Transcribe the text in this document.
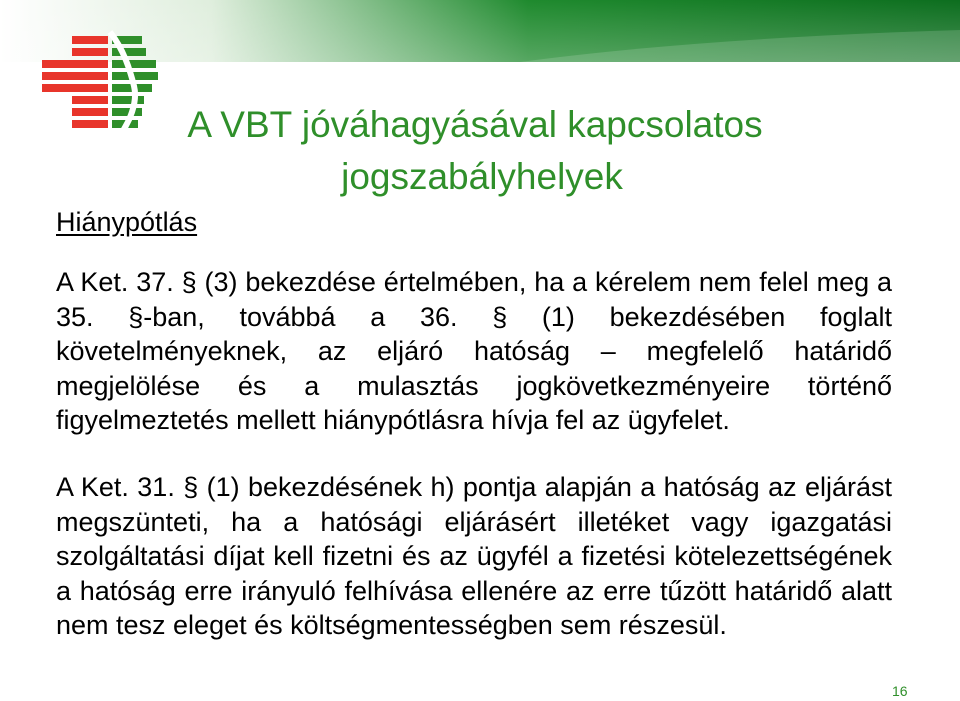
A VBT jóváhagyásával kapcsolatos
jogszabályhelyek
Hiánypótlás
A Ket. 37. § (3) bekezdése értelmében, ha a kérelem nem felel meg a 35. §-ban, továbbá a 36. § (1) bekezdésében foglalt követelményeknek, az eljáró hatóság – megfelelő határidő megjelölése és a mulasztás jogkövetkezményeire történő figyelmeztetés mellett hiánypótlásra hívja fel az ügyfelet.
A Ket. 31. § (1) bekezdésének h) pontja alapján a hatóság az eljárást megszünteti, ha a hatósági eljárásért illetéket vagy igazgatási szolgáltatási díjat kell fizetni és az ügyfél a fizetési kötelezettségének a hatóság erre irányuló felhívása ellenére az erre tűzött határidő alatt nem tesz eleget és költségmentességben sem részesül.
16
